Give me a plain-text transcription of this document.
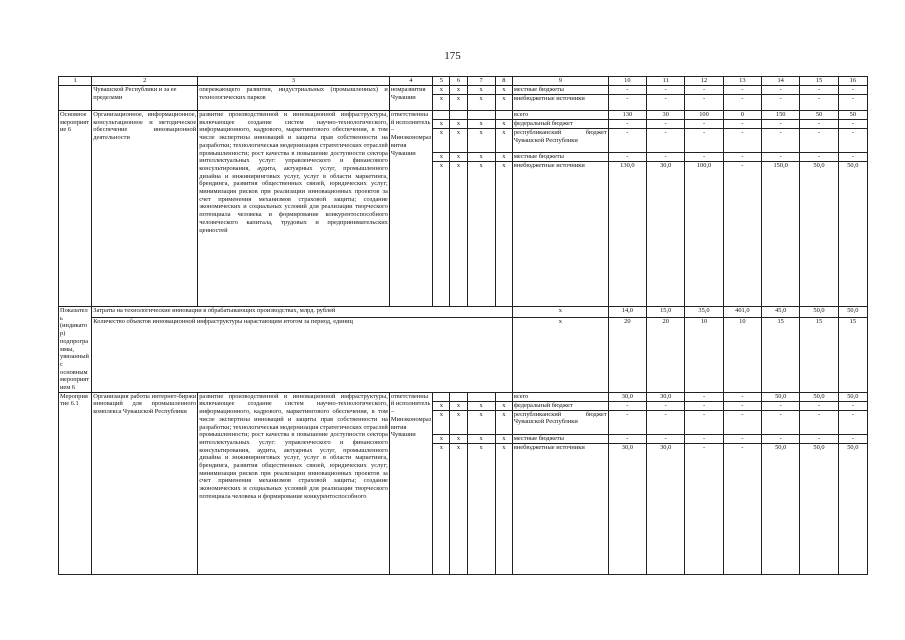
175
1	2	3	4	5	6	7	8	9	10	11	12	13	14	15	16
	Чувашской Республики и за ее пределами	опережающего развития, индустриальных (промышленных) и технологических парков	номразвития Чувашии	x	x	x	x	местные бюджеты	-	-	-	-	-	-	-
				x	x	x	x	внебюджетные источники	-	-	-	-	-	-	-
Основное мероприятие 6	Организационное, информационное, консультационное и методическое обеспечение инновационной деятельности	развитие производственной и инновационной инфраструктуры, включающее создание систем научно-технологического, информационного, кадрового, маркетингового обеспечения, в том числе экспертизы инноваций и защиты прав собственности на разработки; технологическая модернизация стратегических отраслей промышленности; рост качества в повышение доступности сектора интеллектуальных услуг: управленческого и финансового консультирования, аудита, актуарных услуг, промышленного дизайна и инжиниринговых услуг, услуг в области маркетинга, брендинга, развития общественных связей, юридических услуг; минимизация рисков при реализации инновационных проектов за счет применения механизмов страховой защиты; создание экономических и социальных условий для реализации творческого потенциала человека и формирование конкурентоспособного человеческого капитала, трудовых и предпринимательских ценностей	ответственный исполнитель – Минэкономразвития Чувашии					всего	130	30	100	0	150	50	50
				x	x	x	x	федеральный бюджет	-	-	-	-	-	-	-
				x	x	x	x	республиканский бюджет Чувашской Республики	-	-	-	-	-	-	-
				x	x	x	x	местные бюджеты	-	-	-	-	-	-	-
				x	x	x	x	внебюджетные источники	130,0	30,0	100,0	-	150,0	50,0	50,0
Показатель (индикатор) подпрограммы, увязанный с основным мероприятием 6	Затраты на технологические инновации в обрабатывающих производствах, млрд. рублей							x	14,0	15,0	35,0	401,0	45,0	50,0	50,0
	Количество объектов инновационной инфраструктуры нарастающим итогом за период, единиц							x	20	20	10	10	15	15	15
Мероприятие 6.1	Организация работы интернет-биржи инноваций для промышленного комплекса Чувашской Республики	развитие производственной и инновационной инфраструктуры, включающее создание систем научно-технологического, информационного, кадрового, маркетингового обеспечения, в том числе экспертизы инноваций и защиты прав собственности на разработки; технологическая модернизация стратегических отраслей промышленности; рост качества в повышение доступности сектора интеллектуальных услуг: управленческого и финансового консультирования, аудита, актуарных услуг, промышленного дизайна и инжиниринговых услуг, услуг в области маркетинга, брендинга, развития общественных связей, юридических услуг; минимизация рисков при реализации инновационных проектов за счет применения механизмов страховой защиты; создание экономических и социальных условий для реализации творческого потенциала человека и формирование конкурентоспособного	ответственный исполнитель – Минэкономразвития Чувашии					всего	30,0	30,0	-	-	50,0	50,0	50,0
				x	x	x	x	федеральный бюджет	-	-	-	-	-	-	-
				x	x	x	x	республиканский бюджет Чувашской Республики	-	-	-	-	-	-	-
				x	x	x	x	местные бюджеты	-	-	-	-	-	-	-
				x	x	x	x	внебюджетные источники	30,0	30,0	-	-	50,0	50,0	50,0
